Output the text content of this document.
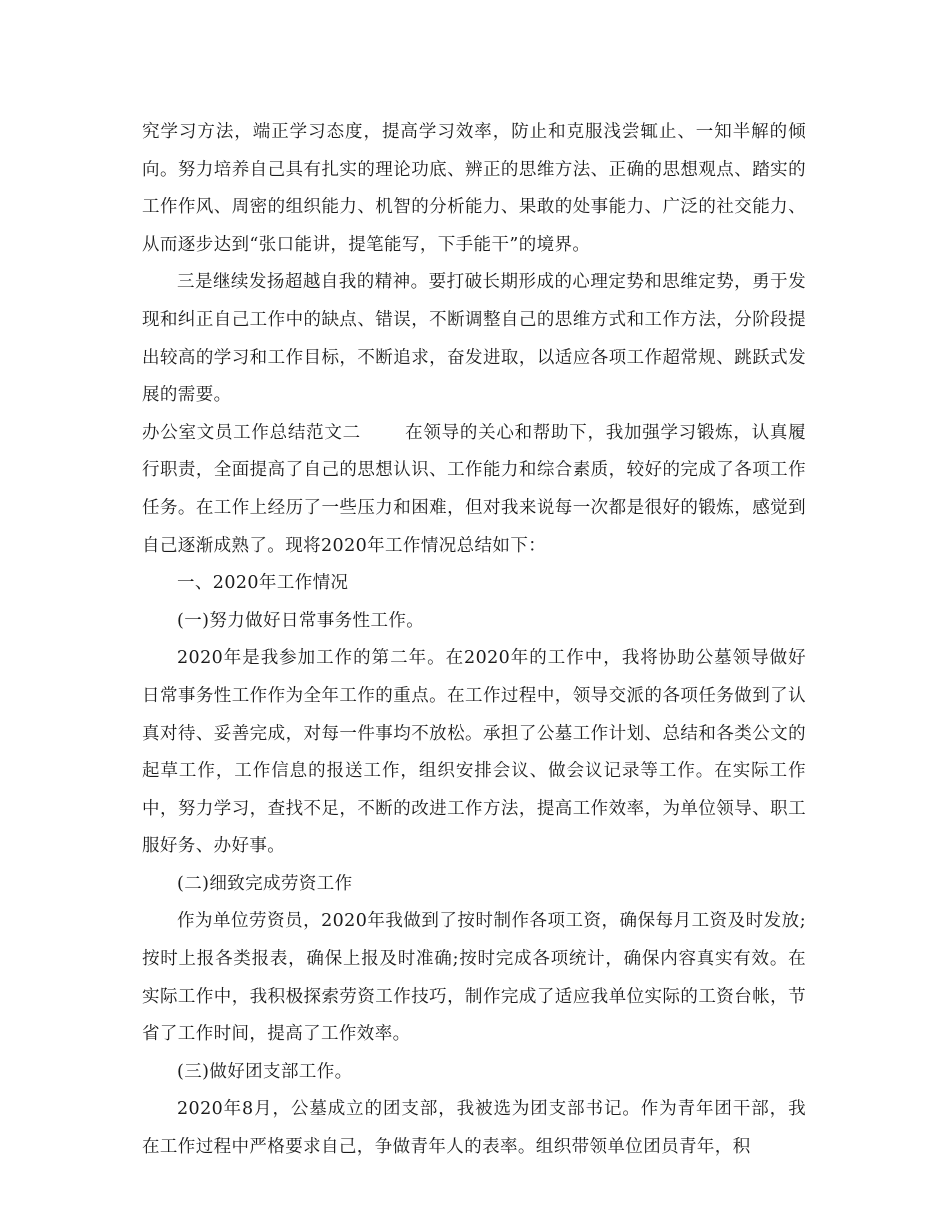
究学习方法，端正学习态度，提高学习效率，防止和克服浅尝辄止、一知半解的倾向。努力培养自己具有扎实的理论功底、辨正的思维方法、正确的思想观点、踏实的工作作风、周密的组织能力、机智的分析能力、果敢的处事能力、广泛的社交能力、从而逐步达到“张口能讲，提笔能写，下手能干”的境界。

三是继续发扬超越自我的精神。要打破长期形成的心理定势和思维定势，勇于发现和纠正自己工作中的缺点、错误，不断调整自己的思维方式和工作方法，分阶段提出较高的学习和工作目标，不断追求，奋发进取，以适应各项工作超常规、跳跃式发展的需要。

办公室文员工作总结范文二	在领导的关心和帮助下，我加强学习锻炼，认真履行职责，全面提高了自己的思想认识、工作能力和综合素质，较好的完成了各项工作任务。在工作上经历了一些压力和困难，但对我来说每一次都是很好的锻炼，感觉到自己逐渐成熟了。现将2020年工作情况总结如下：

一、2020年工作情况

(一)努力做好日常事务性工作。

2020年是我参加工作的第二年。在2020年的工作中，我将协助公墓领导做好日常事务性工作作为全年工作的重点。在工作过程中，领导交派的各项任务做到了认真对待、妥善完成，对每一件事均不放松。承担了公墓工作计划、总结和各类公文的起草工作，工作信息的报送工作，组织安排会议、做会议记录等工作。在实际工作中，努力学习，查找不足，不断的改进工作方法，提高工作效率，为单位领导、职工服好务、办好事。

(二)细致完成劳资工作

作为单位劳资员，2020年我做到了按时制作各项工资，确保每月工资及时发放;按时上报各类报表，确保上报及时准确;按时完成各项统计，确保内容真实有效。在实际工作中，我积极探索劳资工作技巧，制作完成了适应我单位实际的工资台帐，节省了工作时间，提高了工作效率。

(三)做好团支部工作。

2020年8月，公墓成立的团支部，我被选为团支部书记。作为青年团干部，我在工作过程中严格要求自己，争做青年人的表率。组织带领单位团员青年，积
